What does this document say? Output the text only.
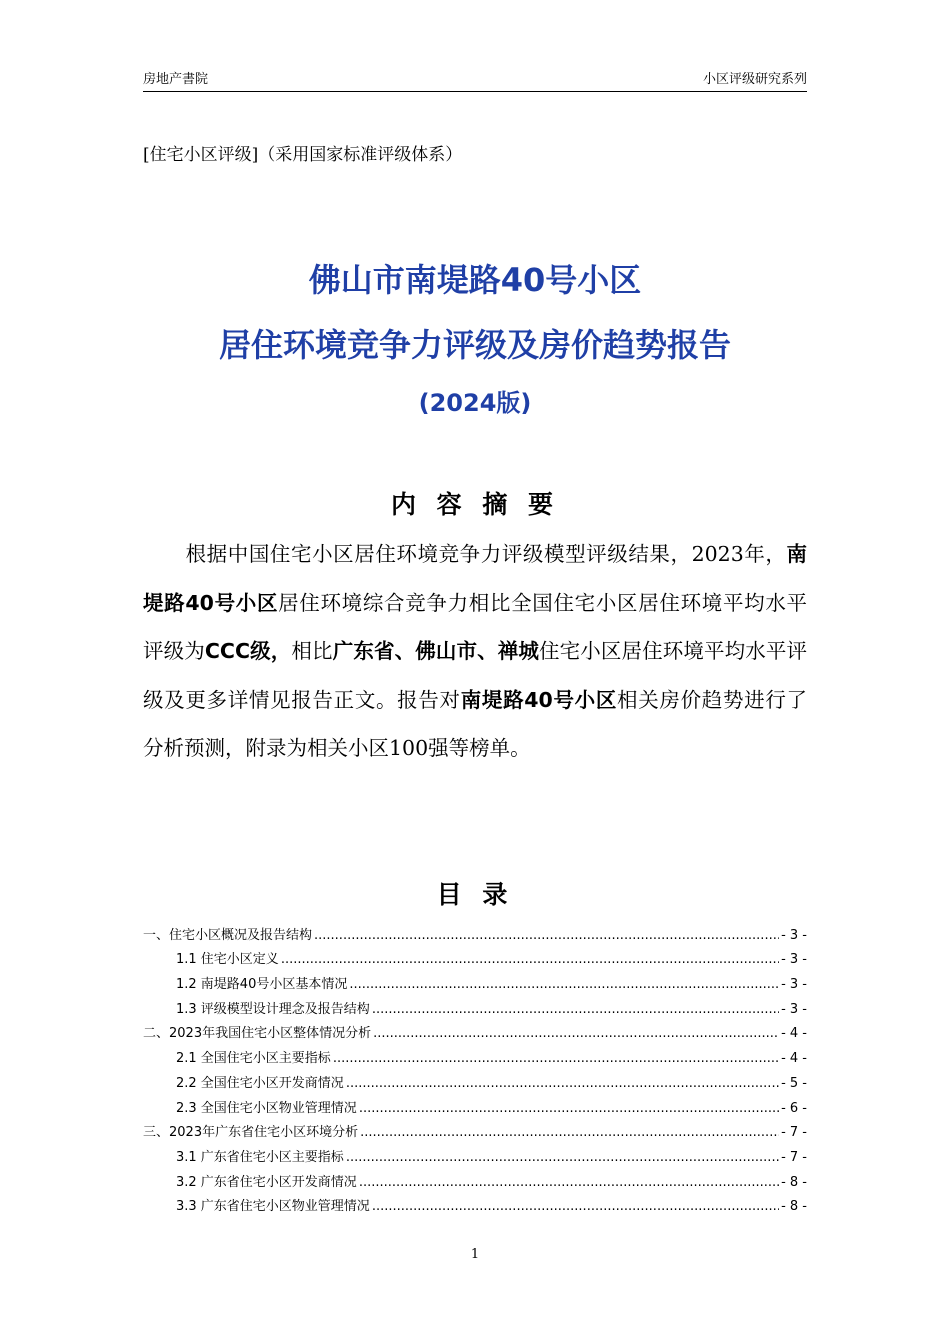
房地产書院	小区评级研究系列
[住宅小区评级]（采用国家标准评级体系）
佛山市南堤路40号小区
居住环境竞争力评级及房价趋势报告
(2024版)
内 容 摘 要
根据中国住宅小区居住环境竞争力评级模型评级结果，2023年，南堤路40号小区居住环境综合竞争力相比全国住宅小区居住环境平均水平评级为CCC级，相比广东省、佛山市、禅城住宅小区居住环境平均水平评级及更多详情见报告正文。报告对南堤路40号小区相关房价趋势进行了分析预测，附录为相关小区100强等榜单。
目 录
一、住宅小区概况及报告结构 .....	- 3 -
1.1 住宅小区定义 .....	- 3 -
1.2 南堤路40号小区基本情况 .....	- 3 -
1.3 评级模型设计理念及报告结构 .....	- 3 -
二、2023年我国住宅小区整体情况分析 .....	- 4 -
2.1 全国住宅小区主要指标 .....	- 4 -
2.2 全国住宅小区开发商情况 .....	- 5 -
2.3 全国住宅小区物业管理情况 .....	- 6 -
三、2023年广东省住宅小区环境分析 .....	- 7 -
3.1 广东省住宅小区主要指标 .....	- 7 -
3.2 广东省住宅小区开发商情况 .....	- 8 -
3.3 广东省住宅小区物业管理情况 .....	- 8 -
1
